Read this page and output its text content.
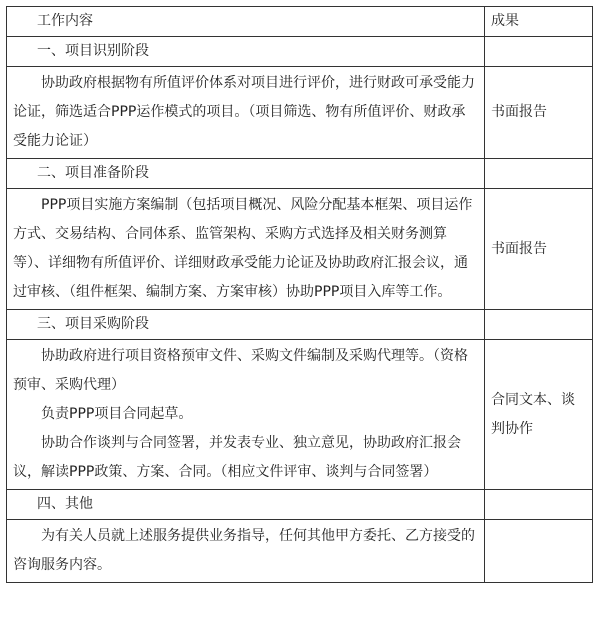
工作内容	成果
一、项目识别阶段	

协助政府根据物有所值评价体系对项目进行评价，进行财政可承受能力论证，筛选适合PPP运作模式的项目。（项目筛选、物有所值评价、财政承受能力论证）	书面报告
二、项目准备阶段	

PPP项目实施方案编制（包括项目概况、风险分配基本框架、项目运作方式、交易结构、合同体系、监管架构、采购方式选择及相关财务测算等）、详细物有所值评价、详细财政承受能力论证及协助政府汇报会议，通过审核、（组件框架、编制方案、方案审核）协助PPP项目入库等工作。	书面报告
三、项目采购阶段	

协助政府进行项目资格预审文件、采购文件编制及采购代理等。（资格预审、采购代理）
负责PPP项目合同起草。
协助合作谈判与合同签署，并发表专业、独立意见，协助政府汇报会议，解读PPP政策、方案、合同。（相应文件评审、谈判与合同签署）	合同文本、谈判协作
四、其他	

为有关人员就上述服务提供业务指导，任何其他甲方委托、乙方接受的咨询服务内容。	
